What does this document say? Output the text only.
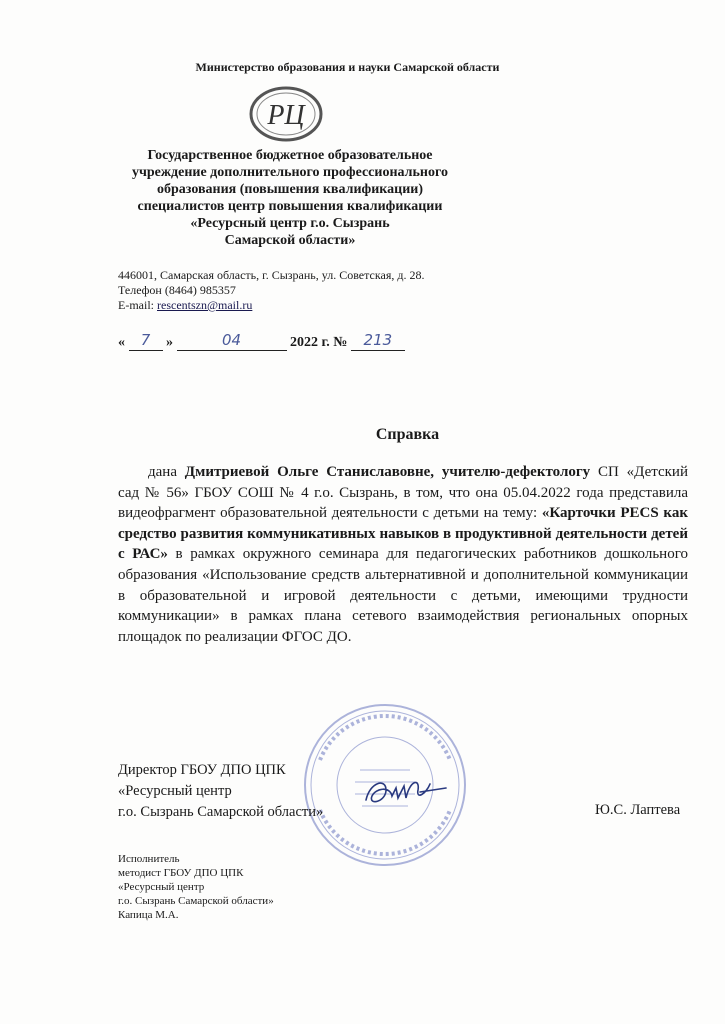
Министерство образования и науки Самарской области
РЦ
Государственное бюджетное образовательное
учреждение дополнительного профессионального
образования (повышения квалификации)
специалистов центр повышения квалификации
«Ресурсный центр г.о. Сызрань
Самарской области»
446001, Самарская область, г. Сызрань, ул. Советская, д. 28.
Телефон (8464) 985357
E-mail: rescentszn@mail.ru
« 7 »	04	2022 г. № 213
Справка
дана Дмитриевой Ольге Станиславовне, учителю-дефектологу СП «Детский сад № 56» ГБОУ СОШ № 4 г.о. Сызрань, в том, что она 05.04.2022 года представила видеофрагмент образовательной деятельности с детьми на тему: «Карточки PECS как средство развития коммуникативных навыков в продуктивной деятельности детей с РАС» в рамках окружного семинара для педагогических работников дошкольного образования «Использование средств альтернативной и дополнительной коммуникации в образовательной и игровой деятельности с детьми, имеющими трудности коммуникации» в рамках плана сетевого взаимодействия региональных опорных площадок по реализации ФГОС ДО.
Директор ГБОУ ДПО ЦПК
«Ресурсный центр
г.о. Сызрань Самарской области»	Ю.С. Лаптева
Исполнитель
методист ГБОУ ДПО ЦПК
«Ресурсный центр
г.о. Сызрань Самарской области»
Капица М.А.
